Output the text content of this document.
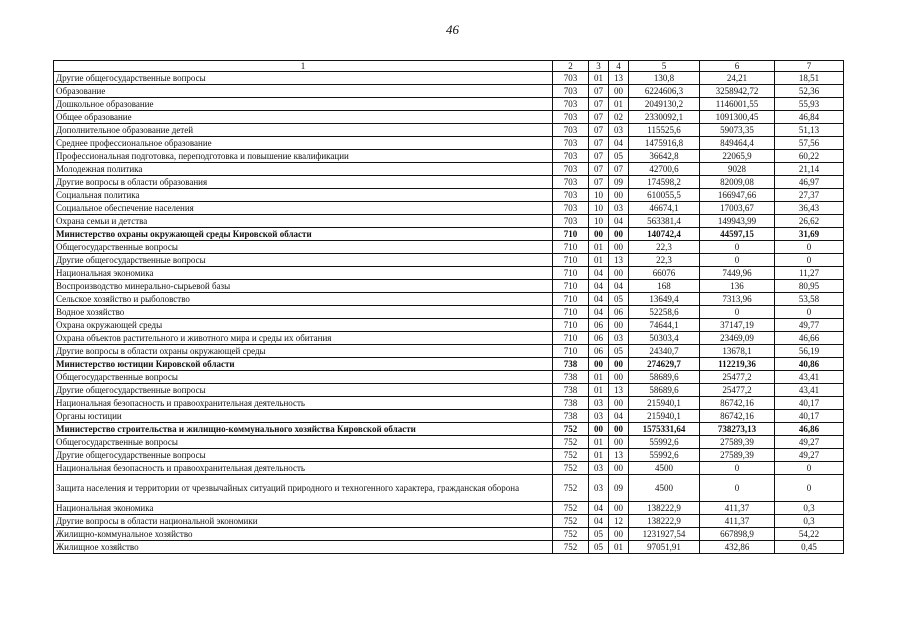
46
1	2	3	4	5	6	7
Другие общегосударственные вопросы	703	01	13	130,8	24,21	18,51
Образование	703	07	00	6224606,3	3258942,72	52,36
Дошкольное образование	703	07	01	2049130,2	1146001,55	55,93
Общее образование	703	07	02	2330092,1	1091300,45	46,84
Дополнительное образование детей	703	07	03	115525,6	59073,35	51,13
Среднее профессиональное образование	703	07	04	1475916,8	849464,4	57,56
Профессиональная подготовка, переподготовка и повышение квалификации	703	07	05	36642,8	22065,9	60,22
Молодежная политика	703	07	07	42700,6	9028	21,14
Другие вопросы в области образования	703	07	09	174598,2	82009,08	46,97
Социальная политика	703	10	00	610055,5	166947,66	27,37
Социальное обеспечение населения	703	10	03	46674,1	17003,67	36,43
Охрана семьи и детства	703	10	04	563381,4	149943,99	26,62
Министерство охраны окружающей среды Кировской области	710	00	00	140742,4	44597,15	31,69
Общегосударственные вопросы	710	01	00	22,3	0	0
Другие общегосударственные вопросы	710	01	13	22,3	0	0
Национальная экономика	710	04	00	66076	7449,96	11,27
Воспроизводство минерально-сырьевой базы	710	04	04	168	136	80,95
Сельское хозяйство и рыболовство	710	04	05	13649,4	7313,96	53,58
Водное хозяйство	710	04	06	52258,6	0	0
Охрана окружающей среды	710	06	00	74644,1	37147,19	49,77
Охрана объектов растительного и животного мира и среды их обитания	710	06	03	50303,4	23469,09	46,66
Другие вопросы в области охраны окружающей среды	710	06	05	24340,7	13678,1	56,19
Министерство юстиции Кировской области	738	00	00	274629,7	112219,36	40,86
Общегосударственные вопросы	738	01	00	58689,6	25477,2	43,41
Другие общегосударственные вопросы	738	01	13	58689,6	25477,2	43,41
Национальная безопасность и правоохранительная деятельность	738	03	00	215940,1	86742,16	40,17
Органы юстиции	738	03	04	215940,1	86742,16	40,17
Министерство строительства и жилищно-коммунального хозяйства Кировской области	752	00	00	1575331,64	738273,13	46,86
Общегосударственные вопросы	752	01	00	55992,6	27589,39	49,27
Другие общегосударственные вопросы	752	01	13	55992,6	27589,39	49,27
Национальная безопасность и правоохранительная деятельность	752	03	00	4500	0	0
Защита населения и территории от чрезвычайных ситуаций природного и техногенного характера, гражданская оборона	752	03	09	4500	0	0
Национальная экономика	752	04	00	138222,9	411,37	0,3
Другие вопросы в области национальной экономики	752	04	12	138222,9	411,37	0,3
Жилищно-коммунальное хозяйство	752	05	00	1231927,54	667898,9	54,22
Жилищное хозяйство	752	05	01	97051,91	432,86	0,45
